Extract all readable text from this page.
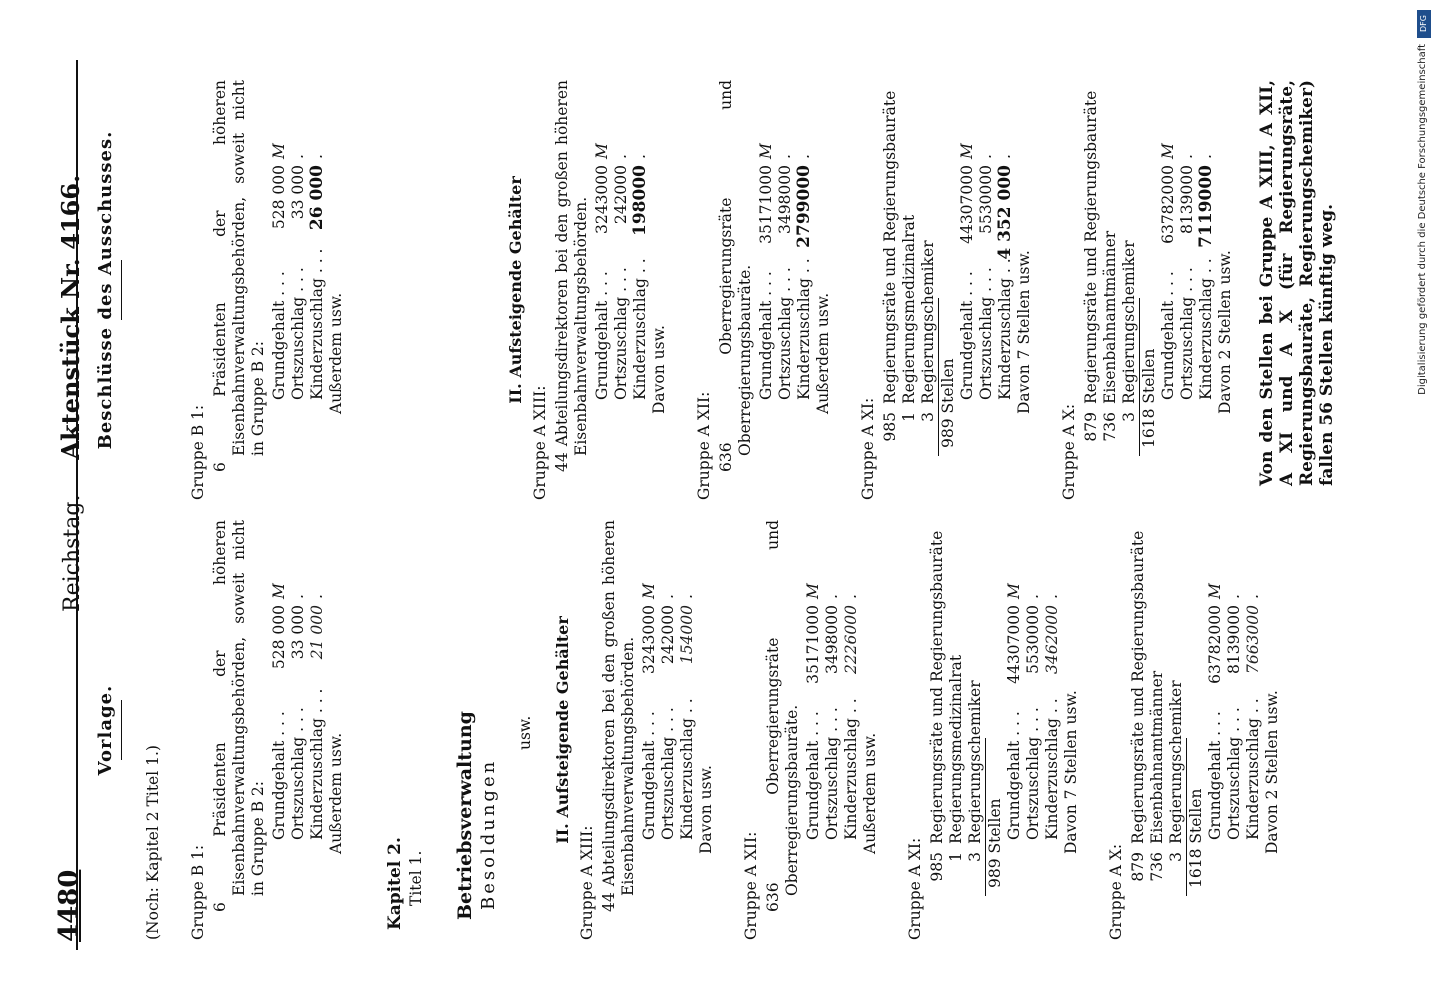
4480
Reichstag. Aktenstück Nr. 4166.
Vorlage.
(Noch: Kapitel 2 Titel 1.) Gruppe B 1: 6 Präsidenten der höheren Eisenbahnverwaltungsbehörden, soweit nicht in Gruppe B 2: Grundgehalt . . .
528 000
M
Ortszuschlag . . .
33 000
.
Kinderzuschlag . . .
21 000
.
Außerdem usw.
Kapitel 2. Titel 1. Betriebsverwaltung Besoldungen
usw. II. Aufsteigende Gehälter
Gruppe A XIII: 44 Abteilungsdirektoren bei den großen höheren Eisenbahnverwaltungsbehörden. Grundgehalt . . .
3243000
M
Ortszuschlag . . .
242000
.
Kinderzuschlag . .
154000
.
Davon usw.
Gruppe A XII: 636 Oberregierungsräte und Oberregierungsbauräte. Grundgehalt . . .
35171000
M
Ortszuschlag . . .
3498000
.
Kinderzuschlag . .
2226000
.
Außerdem usw.
Gruppe A XI: 985
Regierungsräte und Regierungsbauräte
1
Regierungsmedizinalrat
3
Regierungschemiker 989 Stellen
Grundgehalt . . .
44307000
M
Ortszuschlag . . .
5530000
.
Kinderzuschlag . .
3462000
.
Davon 7 Stellen usw.
Gruppe A X: 879
Regierungsräte und Regierungsbauräte
736
Eisenbahnamtmänner
3
Regierungschemiker 1618 Stellen Grundgehalt . . .
63782000
M
Ortszuschlag . . .
8139000
.
Kinderzuschlag . .
7663000
.
Davon 2 Stellen usw.
Beschlüsse des Ausschusses.
Gruppe B 1: 6 Präsidenten der höheren Eisenbahnverwaltungsbehörden, soweit nicht in Gruppe B 2: Grundgehalt . . .
528 000
M
Ortszuschlag . . .
33 000
.
Kinderzuschlag . . .
26 000
.
Außerdem usw.	II. Aufsteigende Gehälter
Gruppe A XIII: 44 Abteilungsdirektoren bei den großen höheren Eisenbahnverwaltungsbehörden. Grundgehalt . . .
3243000
M
Ortszuschlag . . .
242000
.
Kinderzuschlag . .
198000
.
Davon usw.
Gruppe A XII: 636 Oberregierungsräte und Oberregierungsbauräte. Grundgehalt . . .
35171000
M
Ortszuschlag . . .
3498000
.
Kinderzuschlag . .
2799000
.
Außerdem usw.
Gruppe A XI: 985
Regierungsräte und Regierungsbauräte
1
Regierungsmedizinalrat
3
Regierungschemiker 989 Stellen
Grundgehalt . . .
44307000
M
Ortszuschlag . . .
5530000
.
Kinderzuschlag . .
4 352 000
.
Davon 7 Stellen usw.
Gruppe A X: 879
Regierungsräte und Regierungsbauräte
736
Eisenbahnamtmänner
3
Regierungschemiker 1618 Stellen Grundgehalt . . .
63782000
M
Ortszuschlag . . .
8139000
.
Kinderzuschlag . .
7119000
.
Davon 2 Stellen usw. Von den Stellen bei Gruppe A XIII, A XII, A XI und A X (für Regierungsräte, Regierungsbauräte, Regierungschemiker) fallen 56 Stellen künftig weg.
DFG
Digitalisierung gefördert durch die Deutsche Forschungsgemeinschaft
